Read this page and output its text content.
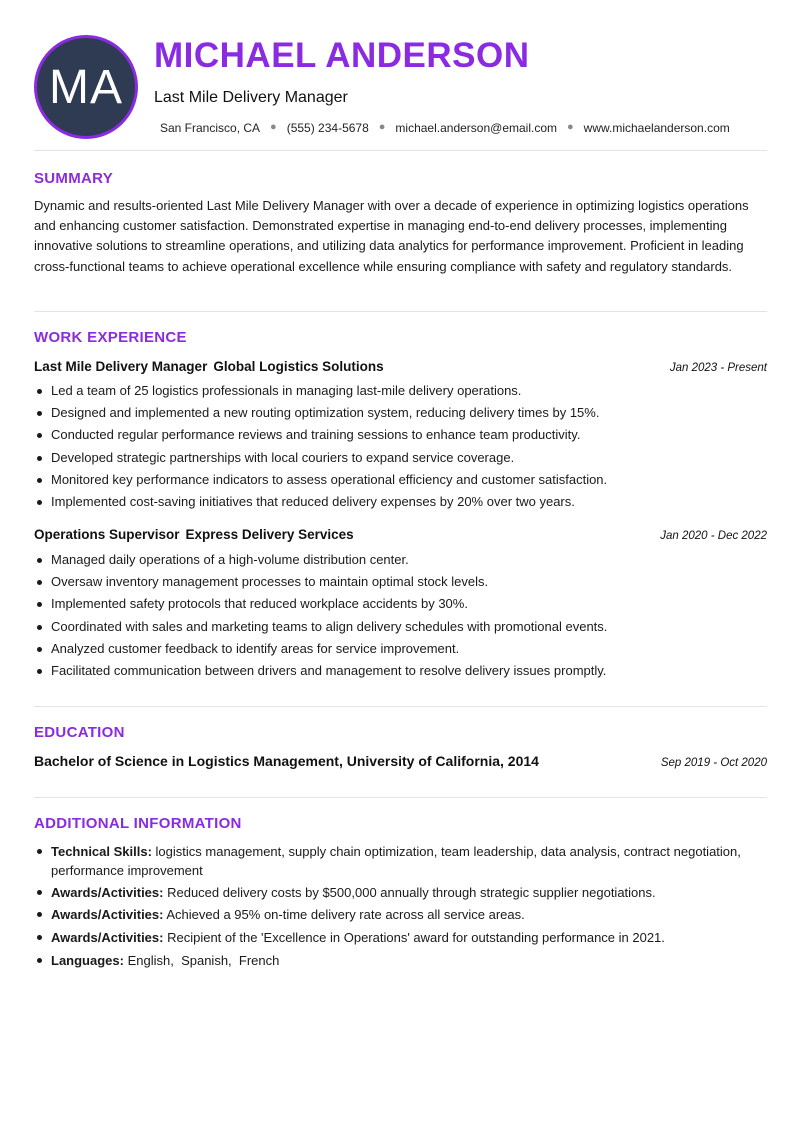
MA
MICHAEL ANDERSON
Last Mile Delivery Manager
San Francisco, CA ● (555) 234-5678 ● michael.anderson@email.com ● www.michaelanderson.com
SUMMARY

Dynamic and results-oriented Last Mile Delivery Manager with over a decade of experience in optimizing logistics operations and enhancing customer satisfaction. Demonstrated expertise in managing end-to-end delivery processes, implementing innovative solutions to streamline operations, and utilizing data analytics for performance improvement. Proficient in leading cross-functional teams to achieve operational excellence while ensuring compliance with safety and regulatory standards.

WORK EXPERIENCE
Last Mile Delivery Manager Global Logistics Solutions	Jan 2023 - Present
Led a team of 25 logistics professionals in managing last-mile delivery operations.
Designed and implemented a new routing optimization system, reducing delivery times by 15%.
Conducted regular performance reviews and training sessions to enhance team productivity.
Developed strategic partnerships with local couriers to expand service coverage.
Monitored key performance indicators to assess operational efficiency and customer satisfaction.
Implemented cost-saving initiatives that reduced delivery expenses by 20% over two years.
Operations Supervisor Express Delivery Services	Jan 2020 - Dec 2022
Managed daily operations of a high-volume distribution center.
Oversaw inventory management processes to maintain optimal stock levels.
Implemented safety protocols that reduced workplace accidents by 30%.
Coordinated with sales and marketing teams to align delivery schedules with promotional events.
Analyzed customer feedback to identify areas for service improvement.
Facilitated communication between drivers and management to resolve delivery issues promptly.
EDUCATION
Bachelor of Science in Logistics Management, University of California, 2014	Sep 2019 - Oct 2020
ADDITIONAL INFORMATION
Technical Skills: logistics management, supply chain optimization, team leadership, data analysis, contract negotiation, performance improvement
Awards/Activities: Reduced delivery costs by $500,000 annually through strategic supplier negotiations.
Awards/Activities: Achieved a 95% on-time delivery rate across all service areas.
Awards/Activities: Recipient of the 'Excellence in Operations' award for outstanding performance in 2021.
Languages: English,  Spanish,  French
